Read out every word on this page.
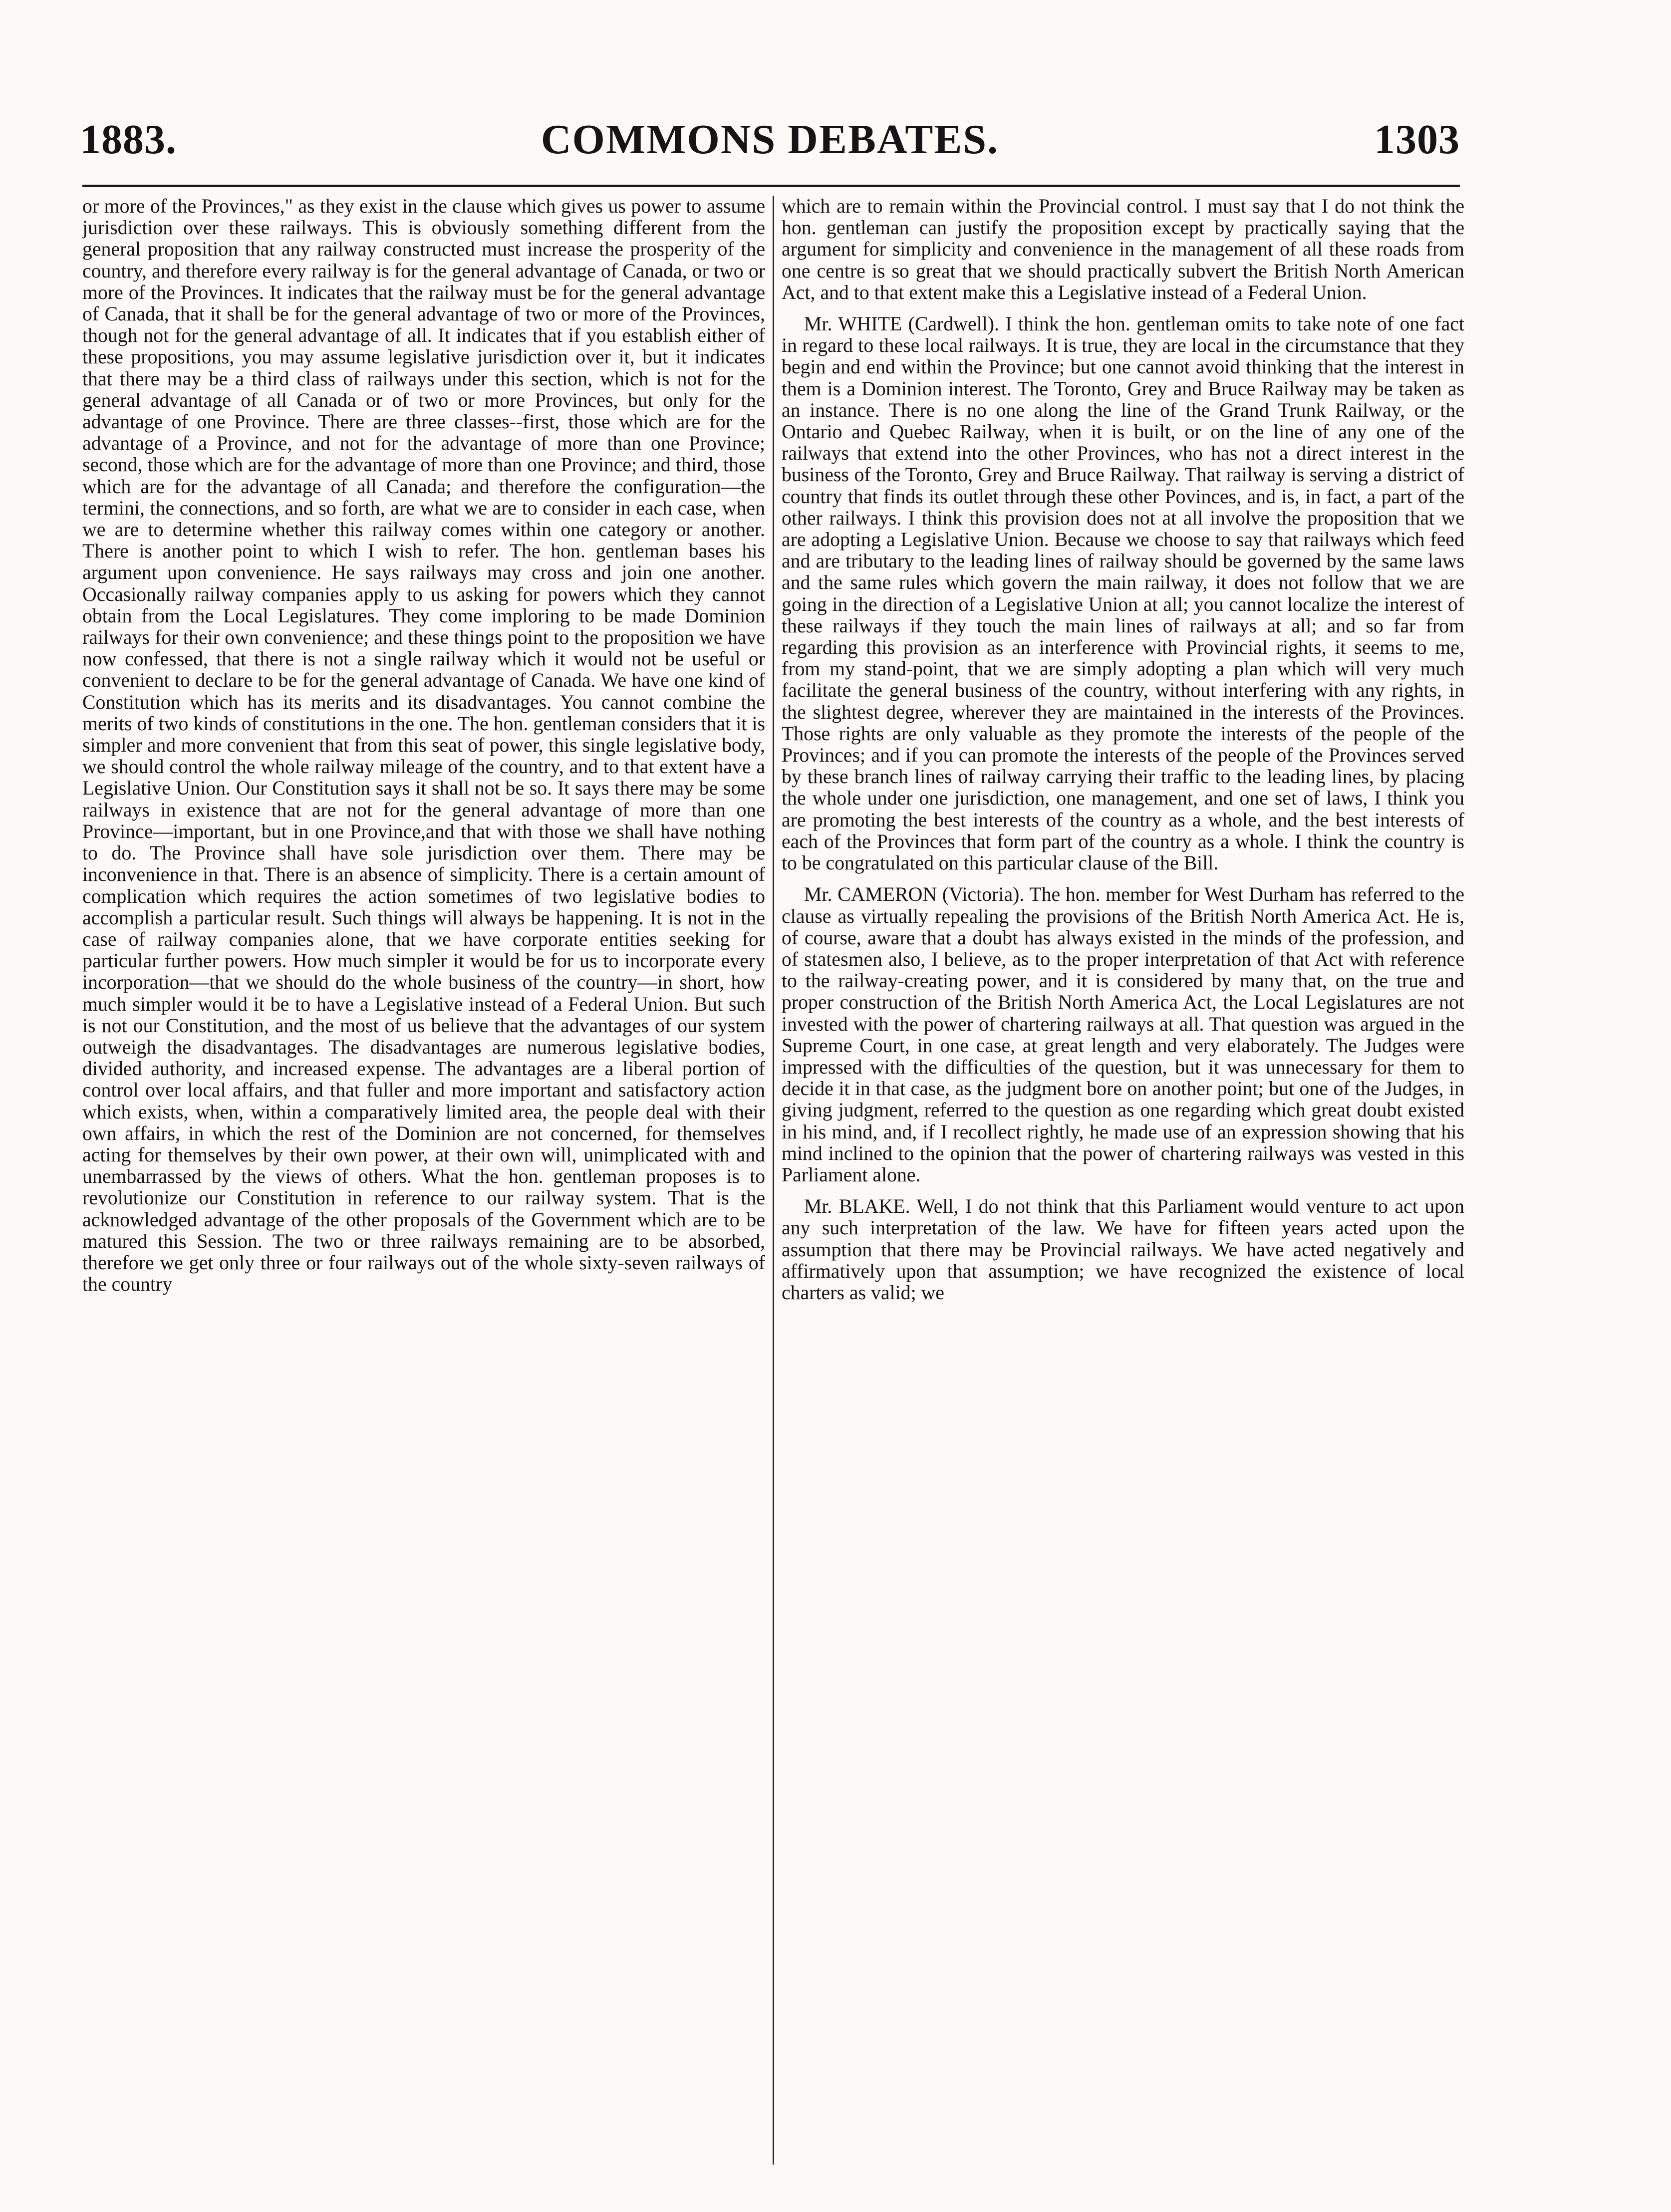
COMMONS DEBATES.
1883.	1303

or more of the Provinces," as they exist in the clause which gives us power to assume jurisdiction over these railways. This is obviously something different from the general proposition that any railway constructed must increase the prosperity of the country, and therefore every railway is for the general advantage of Canada, or two or more of the Provinces. It indicates that the railway must be for the general advantage of Canada, that it shall be for the general advantage of two or more of the Provinces, though not for the general advantage of all. It indicates that if you establish either of these propositions, you may assume legislative jurisdiction over it, but it indicates that there may be a third class of railways under this section, which is not for the general advantage of all Canada or of two or more Provinces, but only for the advantage of one Province. There are three classes--first, those which are for the advantage of a Province, and not for the advantage of more than one Province; second, those which are for the advantage of more than one Province; and third, those which are for the advantage of all Canada; and therefore the configuration—the termini, the connections, and so forth, are what we are to consider in each case, when we are to determine whether this railway comes within one category or another. There is another point to which I wish to refer. The hon. gentleman bases his argument upon convenience. He says railways may cross and join one another. Occasionally railway companies apply to us asking for powers which they cannot obtain from the Local Legislatures. They come imploring to be made Dominion railways for their own convenience; and these things point to the proposition we have now confessed, that there is not a single railway which it would not be useful or convenient to declare to be for the general advantage of Canada. We have one kind of Constitution which has its merits and its disadvantages. You cannot combine the merits of two kinds of constitutions in the one. The hon. gentleman considers that it is simpler and more convenient that from this seat of power, this single legislative body, we should control the whole railway mileage of the country, and to that extent have a Legislative Union. Our Constitution says it shall not be so. It says there may be some railways in existence that are not for the general advantage of more than one Province—important, but in one Province,and that with those we shall have nothing to do. The Province shall have sole jurisdiction over them. There may be inconvenience in that. There is an absence of simplicity. There is a certain amount of complication which requires the action sometimes of two legislative bodies to accomplish a particular result. Such things will always be happening. It is not in the case of railway companies alone, that we have corporate entities seeking for particular further powers. How much simpler it would be for us to incorporate every incorporation—that we should do the whole business of the country—in short, how much simpler would it be to have a Legislative instead of a Federal Union. But such is not our Constitution, and the most of us believe that the advantages of our system outweigh the disadvantages. The disadvantages are numerous legislative bodies, divided authority, and increased expense. The advantages are a liberal portion of control over local affairs, and that fuller and more important and satisfactory action which exists, when, within a comparatively limited area, the people deal with their own affairs, in which the rest of the Dominion are not concerned, for themselves acting for themselves by their own power, at their own will, unimplicated with and unembarrassed by the views of others. What the hon. gentleman proposes is to revolutionize our Constitution in reference to our railway system. That is the acknowledged advantage of the other proposals of the Government which are to be matured this Session. The two or three railways remaining are to be absorbed, therefore we get only three or four railways out of the whole sixty-seven railways of the country

which are to remain within the Provincial control. I must say that I do not think the hon. gentleman can justify the proposition except by practically saying that the argument for simplicity and convenience in the management of all these roads from one centre is so great that we should practically subvert the British North American Act, and to that extent make this a Legislative instead of a Federal Union.

Mr. WHITE (Cardwell). I think the hon. gentleman omits to take note of one fact in regard to these local railways. It is true, they are local in the circumstance that they begin and end within the Province; but one cannot avoid thinking that the interest in them is a Dominion interest. The Toronto, Grey and Bruce Railway may be taken as an instance. There is no one along the line of the Grand Trunk Railway, or the Ontario and Quebec Railway, when it is built, or on the line of any one of the railways that extend into the other Provinces, who has not a direct interest in the business of the Toronto, Grey and Bruce Railway. That railway is serving a district of country that finds its outlet through these other Povinces, and is, in fact, a part of the other railways. I think this provision does not at all involve the proposition that we are adopting a Legislative Union. Because we choose to say that railways which feed and are tributary to the leading lines of railway should be governed by the same laws and the same rules which govern the main railway, it does not follow that we are going in the direction of a Legislative Union at all; you cannot localize the interest of these railways if they touch the main lines of railways at all; and so far from regarding this provision as an interference with Provincial rights, it seems to me, from my stand-point, that we are simply adopting a plan which will very much facilitate the general business of the country, without interfering with any rights, in the slightest degree, wherever they are maintained in the interests of the Provinces. Those rights are only valuable as they promote the interests of the people of the Provinces; and if you can promote the interests of the people of the Provinces served by these branch lines of railway carrying their traffic to the leading lines, by placing the whole under one jurisdiction, one management, and one set of laws, I think you are promoting the best interests of the country as a whole, and the best interests of each of the Provinces that form part of the country as a whole. I think the country is to be congratulated on this particular clause of the Bill.

Mr. CAMERON (Victoria). The hon. member for West Durham has referred to the clause as virtually repealing the provisions of the British North America Act. He is, of course, aware that a doubt has always existed in the minds of the profession, and of statesmen also, I believe, as to the proper interpretation of that Act with reference to the railway-creating power, and it is considered by many that, on the true and proper construction of the British North America Act, the Local Legislatures are not invested with the power of chartering railways at all. That question was argued in the Supreme Court, in one case, at great length and very elaborately. The Judges were impressed with the difficulties of the question, but it was unnecessary for them to decide it in that case, as the judgment bore on another point; but one of the Judges, in giving judgment, referred to the question as one regarding which great doubt existed in his mind, and, if I recollect rightly, he made use of an expression showing that his mind inclined to the opinion that the power of chartering railways was vested in this Parliament alone.

Mr. BLAKE. Well, I do not think that this Parliament would venture to act upon any such interpretation of the law. We have for fifteen years acted upon the assumption that there may be Provincial railways. We have acted negatively and affirmatively upon that assumption; we have recognized the existence of local charters as valid; we
